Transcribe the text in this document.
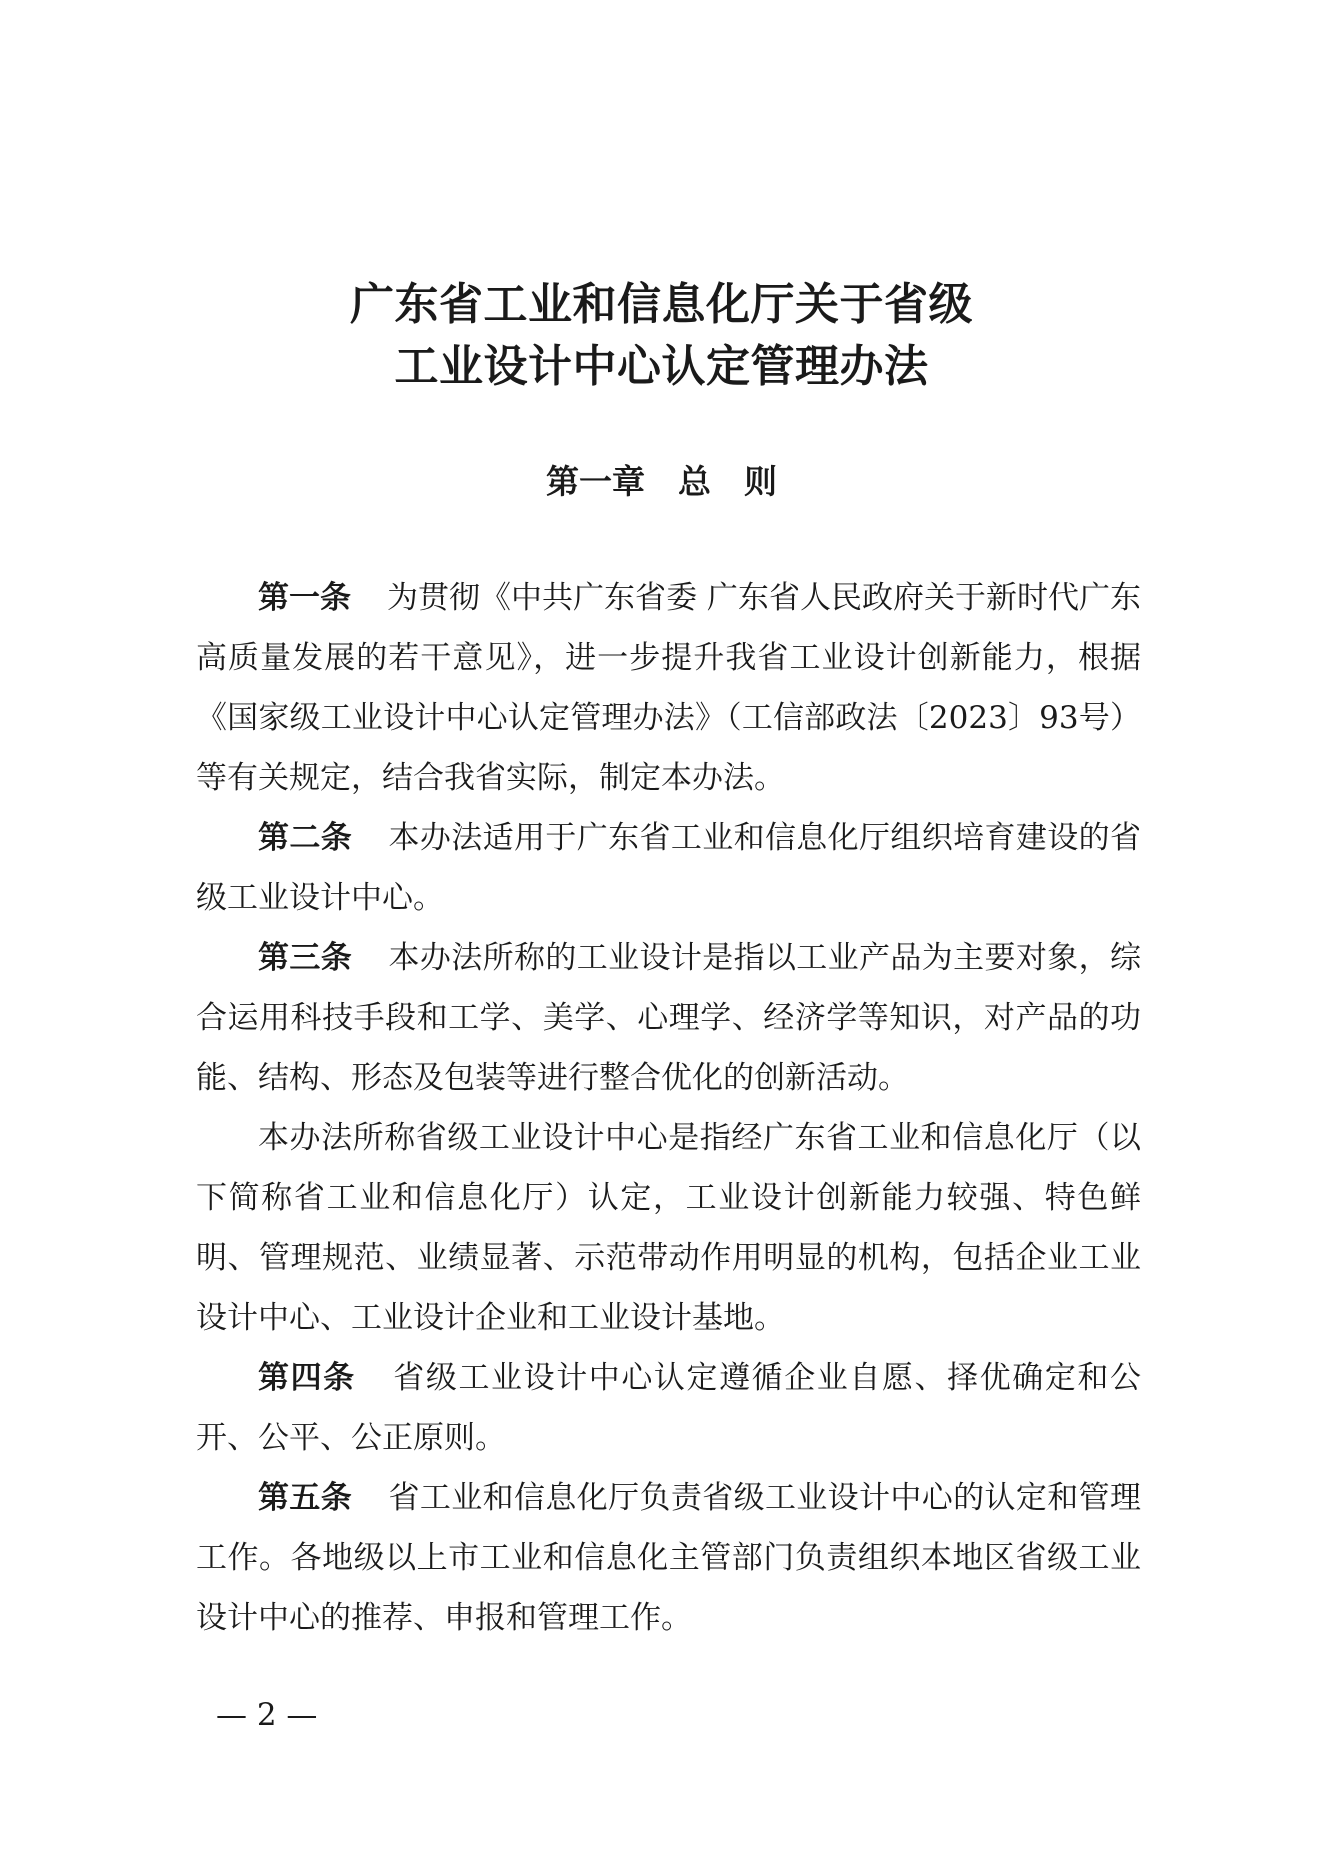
广东省工业和信息化厅关于省级
工业设计中心认定管理办法
第一章　总　则

第一条 为贯彻《中共广东省委 广东省人民政府关于新时代广东高质量发展的若干意见》，进一步提升我省工业设计创新能力，根据《国家级工业设计中心认定管理办法》（工信部政法〔2023〕93号）等有关规定，结合我省实际，制定本办法。

第二条 本办法适用于广东省工业和信息化厅组织培育建设的省级工业设计中心。

第三条 本办法所称的工业设计是指以工业产品为主要对象，综合运用科技手段和工学、美学、心理学、经济学等知识，对产品的功能、结构、形态及包装等进行整合优化的创新活动。

本办法所称省级工业设计中心是指经广东省工业和信息化厅（以下简称省工业和信息化厅）认定，工业设计创新能力较强、特色鲜明、管理规范、业绩显著、示范带动作用明显的机构，包括企业工业设计中心、工业设计企业和工业设计基地。

第四条 省级工业设计中心认定遵循企业自愿、择优确定和公开、公平、公正原则。

第五条 省工业和信息化厅负责省级工业设计中心的认定和管理工作。各地级以上市工业和信息化主管部门负责组织本地区省级工业设计中心的推荐、申报和管理工作。

— 2 —
